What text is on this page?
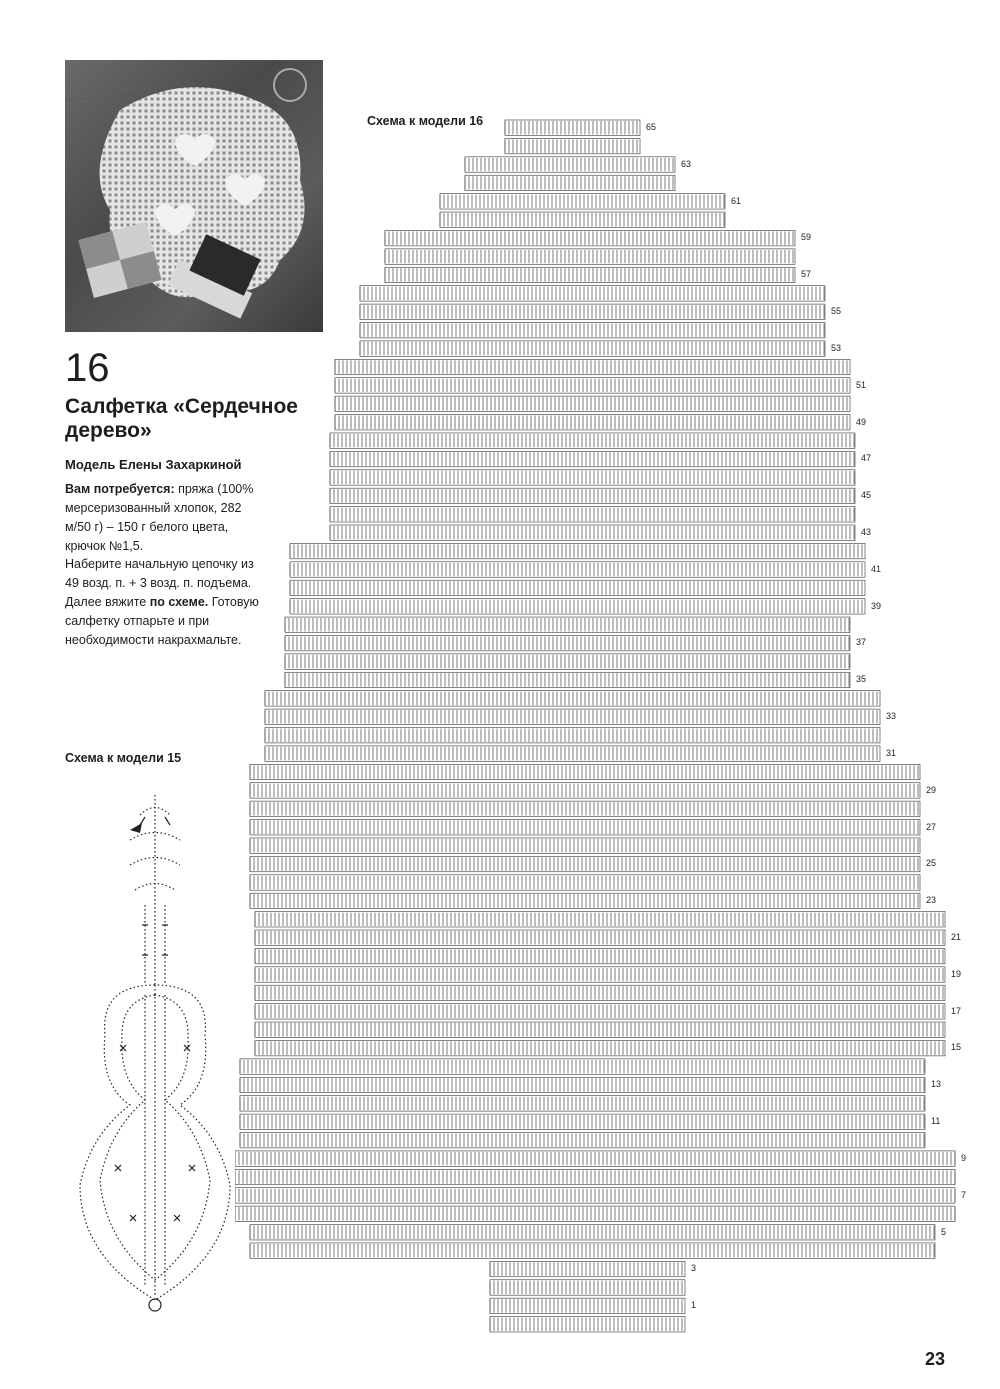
16
Салфетка «Сердечное дерево»
Модель Елены Захаркиной
Вам потребуется: пряжа (100% мерсеризованный хлопок, 282 м/50 г) – 150 г белого цвета, крючок №1,5.
Наберите начальную цепочку из 49 возд. п. + 3 возд. п. подъема. Далее вяжите по схеме. Готовую салфетку отпарьте и при необходимости накрахмальте.
Схема к модели 16
Схема к модели 15
65
63
61
59
57
55
53
51
49
47
45
43
41
39
37
35
33
31
29
27
25
23
21
19
17
15
13
11
9
7
5
3
1
23
